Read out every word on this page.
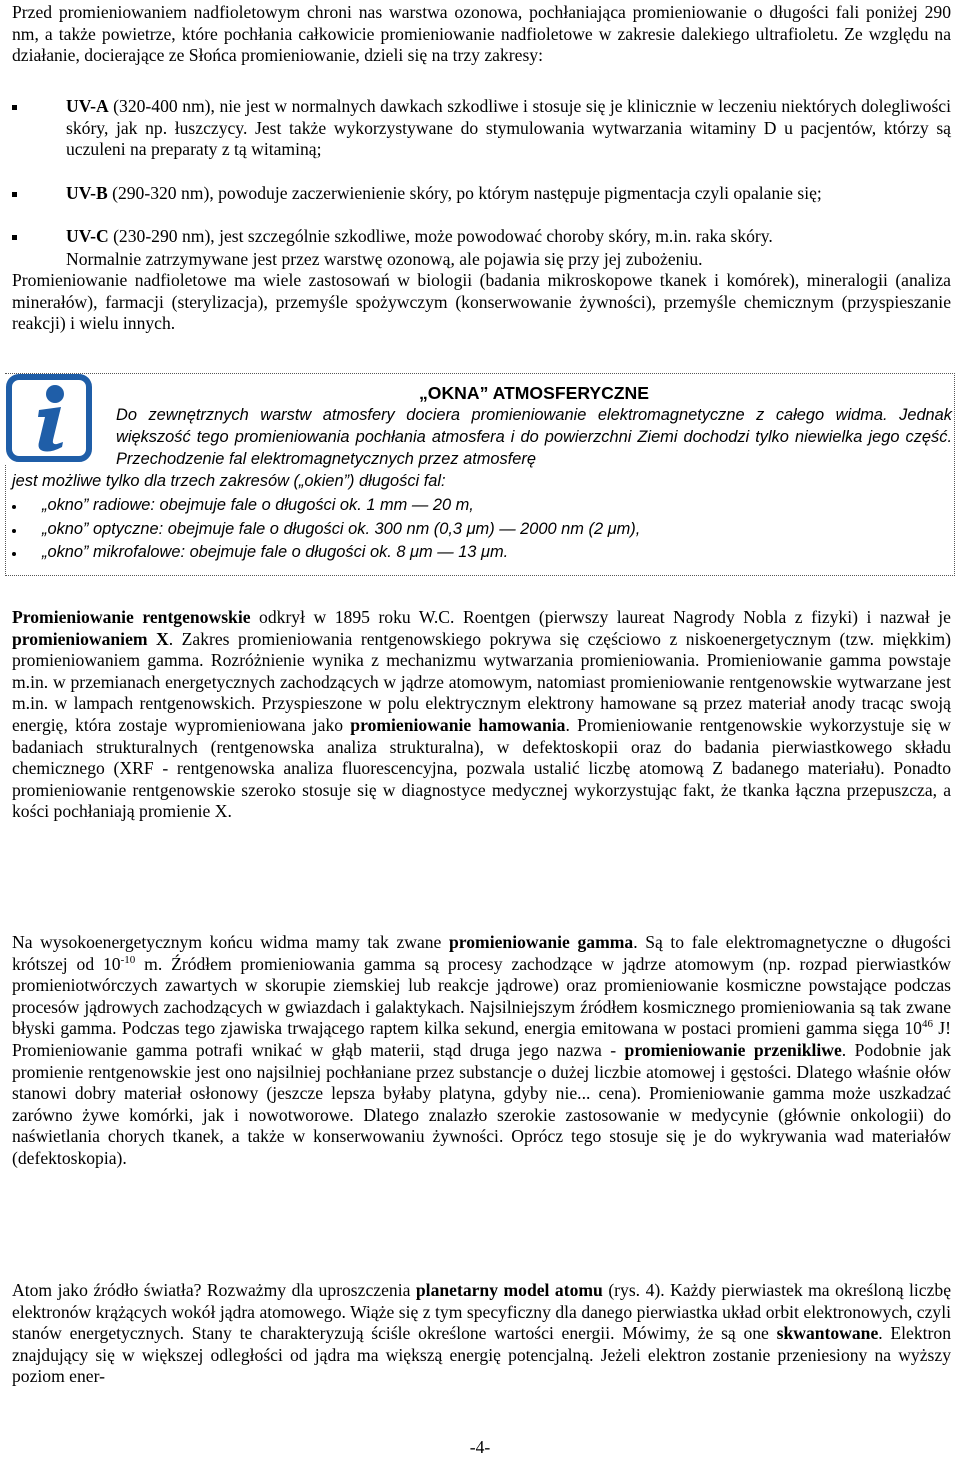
Przed promieniowaniem nadfioletowym chroni nas warstwa ozonowa, pochłaniająca promieniowanie o długości fali poniżej 290 nm, a także powietrze, które pochłania całkowicie promieniowanie nadfioletowe w zakresie dalekiego ultrafioletu. Ze względu na działanie, docierające ze Słońca promieniowanie, dzieli się na trzy zakresy:

UV-A (320-400 nm), nie jest w normalnych dawkach szkodliwe i stosuje się je klinicznie w leczeniu niektórych dolegliwości skóry, jak np. łuszczycy. Jest także wykorzystywane do stymulowania wytwarzania witaminy D u pacjentów, którzy są uczuleni na preparaty z tą witaminą;
UV-B (290-320 nm), powoduje zaczerwienienie skóry, po którym następuje pigmentacja czyli opalanie się;
UV-C (230-290 nm), jest szczególnie szkodliwe, może powodować choroby skóry, m.in. raka skóry.

Normalnie zatrzymywane jest przez warstwę ozonową, ale pojawia się przy jej zubożeniu.

Promieniowanie nadfioletowe ma wiele zastosowań w biologii (badania mikroskopowe tkanek i komórek), mineralogii (analiza minerałów), farmacji (sterylizacja), przemyśle spożywczym (konserwowanie żywności), przemyśle chemicznym (przyspieszanie reakcji) i wielu innych.

„OKNA” ATMOSFERYCZNE

Do zewnętrznych warstw atmosfery dociera promieniowanie elektromagnetyczne z całego widma. Jednak większość tego promieniowania pochłania atmosfera i do powierzchni Ziemi dochodzi tylko niewielka jego część. Przechodzenie fal elektromagnetycznych przez atmosferę

jest możliwe tylko dla trzech zakresów („okien”) długości fal:

„okno” radiowe: obejmuje fale o długości ok. 1 mm — 20 m,
„okno” optyczne: obejmuje fale o długości ok. 300 nm (0,3 μm) — 2000 nm (2 μm),
„okno” mikrofalowe: obejmuje fale o długości ok. 8 μm — 13 μm.

Promieniowanie rentgenowskie odkrył w 1895 roku W.C. Roentgen (pierwszy laureat Nagrody Nobla z fizyki) i nazwał je promieniowaniem X. Zakres promieniowania rentgenowskiego pokrywa się częściowo z niskoenergetycznym (tzw. miękkim) promieniowaniem gamma. Rozróżnienie wynika z mechanizmu wytwarzania promieniowania. Promieniowanie gamma powstaje m.in. w przemianach energetycznych zachodzących w jądrze atomowym, natomiast promieniowanie rentgenowskie wytwarzane jest m.in. w lampach rentgenowskich. Przyspieszone w polu elektrycznym elektrony hamowane są przez materiał anody tracąc swoją energię, która zostaje wypromieniowana jako promieniowanie hamowania. Promieniowanie rentgenowskie wykorzystuje się w badaniach strukturalnych (rentgenowska analiza strukturalna), w defektoskopii oraz do badania pierwiastkowego składu chemicznego (XRF - rentgenowska analiza fluorescencyjna, pozwala ustalić liczbę atomową Z badanego materiału). Ponadto promieniowanie rentgenowskie szeroko stosuje się w diagnostyce medycznej wykorzystując fakt, że tkanka łączna przepuszcza, a kości pochłaniają promienie X.

Na wysokoenergetycznym końcu widma mamy tak zwane promieniowanie gamma. Są to fale elektromagnetyczne o długości krótszej od $10^{-10}$ m. Źródłem promieniowania gamma są procesy zachodzące w jądrze atomowym (np. rozpad pierwiastków promieniotwórczych zawartych w skorupie ziemskiej lub reakcje jądrowe) oraz promieniowanie kosmiczne powstające podczas procesów jądrowych zachodzących w gwiazdach i galaktykach. Najsilniejszym źródłem kosmicznego promieniowania są tak zwane błyski gamma. Podczas tego zjawiska trwającego raptem kilka sekund, energia emitowana w postaci promieni gamma sięga $10^{46}$ J! Promieniowanie gamma potrafi wnikać w głąb materii, stąd druga jego nazwa - promieniowanie przenikliwe. Podobnie jak promienie rentgenowskie jest ono najsilniej pochłaniane przez substancje o dużej liczbie atomowej i gęstości. Dlatego właśnie ołów stanowi dobry materiał osłonowy (jeszcze lepsza byłaby platyna, gdyby nie... cena). Promieniowanie gamma może uszkadzać zarówno żywe komórki, jak i nowotworowe. Dlatego znalazło szerokie zastosowanie w medycynie (głównie onkologii) do naświetlania chorych tkanek, a także w konserwowaniu żywności. Oprócz tego stosuje się je do wykrywania wad materiałów (defektoskopia).

Atom jako źródło światła? Rozważmy dla uproszczenia planetarny model atomu (rys. 4). Każdy pierwiastek ma określoną liczbę elektronów krążących wokół jądra atomowego. Wiąże się z tym specyficzny dla danego pierwiastka układ orbit elektronowych, czyli stanów energetycznych. Stany te charakteryzują ściśle określone wartości energii. Mówimy, że są one skwantowane. Elektron znajdujący się w większej odległości od jądra ma większą energię potencjalną. Jeżeli elektron zostanie przeniesiony na wyższy poziom ener-

-4-
